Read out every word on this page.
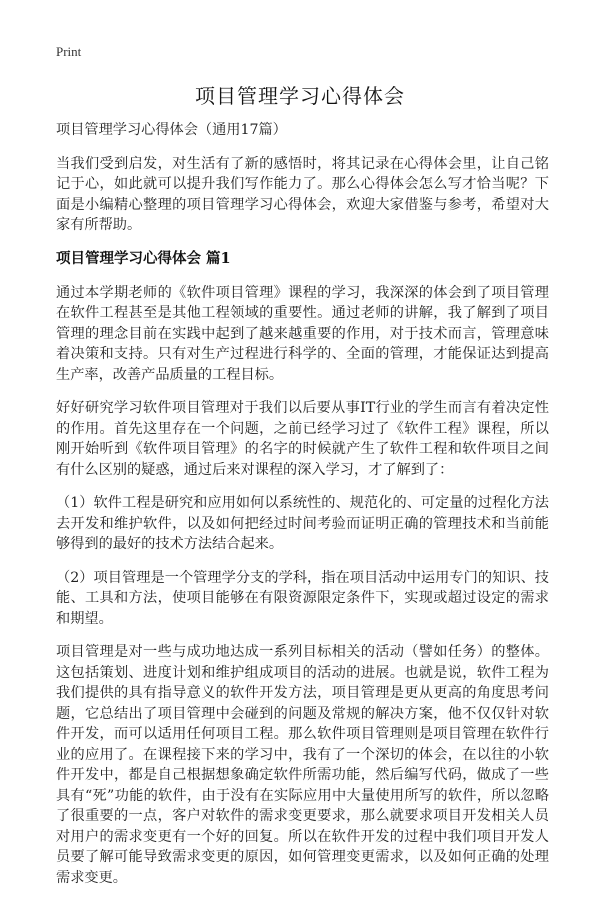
Print
项目管理学习心得体会

项目管理学习心得体会（通用17篇）

当我们受到启发，对生活有了新的感悟时，将其记录在心得体会里，让自己铭记于心，如此就可以提升我们写作能力了。那么心得体会怎么写才恰当呢？下面是小编精心整理的项目管理学习心得体会，欢迎大家借鉴与参考，希望对大家有所帮助。

项目管理学习心得体会 篇1

通过本学期老师的《软件项目管理》课程的学习，我深深的体会到了项目管理在软件工程甚至是其他工程领域的重要性。通过老师的讲解，我了解到了项目管理的理念目前在实践中起到了越来越重要的作用，对于技术而言，管理意味着决策和支持。只有对生产过程进行科学的、全面的管理，才能保证达到提高生产率，改善产品质量的工程目标。

好好研究学习软件项目管理对于我们以后要从事IT行业的学生而言有着决定性的作用。首先这里存在一个问题，之前已经学习过了《软件工程》课程，所以刚开始听到《软件项目管理》的名字的时候就产生了软件工程和软件项目之间有什么区别的疑惑，通过后来对课程的深入学习，才了解到了：

（1）软件工程是研究和应用如何以系统性的、规范化的、可定量的过程化方法去开发和维护软件，以及如何把经过时间考验而证明正确的管理技术和当前能够得到的最好的技术方法结合起来。

（2）项目管理是一个管理学分支的学科，指在项目活动中运用专门的知识、技能、工具和方法，使项目能够在有限资源限定条件下，实现或超过设定的需求和期望。

项目管理是对一些与成功地达成一系列目标相关的活动（譬如任务）的整体。这包括策划、进度计划和维护组成项目的活动的进展。也就是说，软件工程为我们提供的具有指导意义的软件开发方法，项目管理是更从更高的角度思考问题，它总结出了项目管理中会碰到的问题及常规的解决方案，他不仅仅针对软件开发，而可以适用任何项目工程。那么软件项目管理则是项目管理在软件行业的应用了。在课程接下来的学习中，我有了一个深切的体会，在以往的小软件开发中，都是自己根据想象确定软件所需功能，然后编写代码，做成了一些具有“死”功能的软件，由于没有在实际应用中大量使用所写的软件，所以忽略了很重要的一点，客户对软件的需求变更要求，那么就要求项目开发相关人员对用户的需求变更有一个好的回复。所以在软件开发的过程中我们项目开发人员要了解可能导致需求变更的原因，如何管理变更需求，以及如何正确的处理需求变更。
